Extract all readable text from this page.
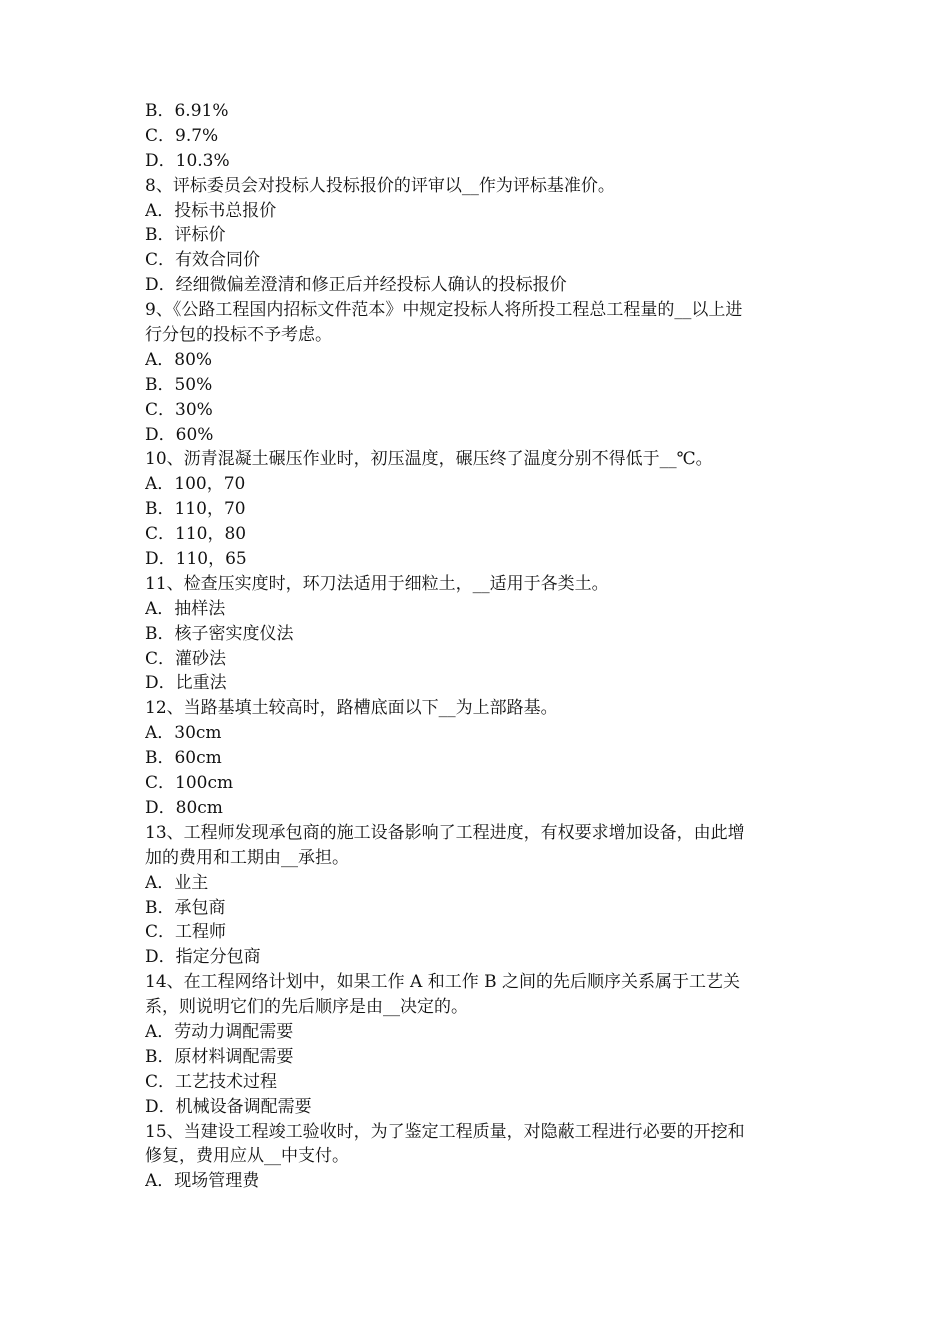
B．6.91%
C．9.7%
D．10.3%
8、评标委员会对投标人投标报价的评审以__作为评标基准价。
A．投标书总报价
B．评标价
C．有效合同价
D．经细微偏差澄清和修正后并经投标人确认的投标报价
9、《公路工程国内招标文件范本》中规定投标人将所投工程总工程量的__以上进
行分包的投标不予考虑。
A．80%
B．50%
C．30%
D．60%
10、沥青混凝土碾压作业时，初压温度，碾压终了温度分别不得低于__℃。
A．100，70
B．110，70
C．110，80
D．110，65
11、检查压实度时，环刀法适用于细粒土，__适用于各类土。
A．抽样法
B．核子密实度仪法
C．灌砂法
D．比重法
12、当路基填土较高时，路槽底面以下__为上部路基。
A．30cm
B．60cm
C．100cm
D．80cm
13、工程师发现承包商的施工设备影响了工程进度，有权要求增加设备，由此增
加的费用和工期由__承担。
A．业主
B．承包商
C．工程师
D．指定分包商
14、在工程网络计划中，如果工作 A 和工作 B 之间的先后顺序关系属于工艺关
系，则说明它们的先后顺序是由__决定的。
A．劳动力调配需要
B．原材料调配需要
C．工艺技术过程
D．机械设备调配需要
15、当建设工程竣工验收时，为了鉴定工程质量，对隐蔽工程进行必要的开挖和
修复，费用应从__中支付。
A．现场管理费
